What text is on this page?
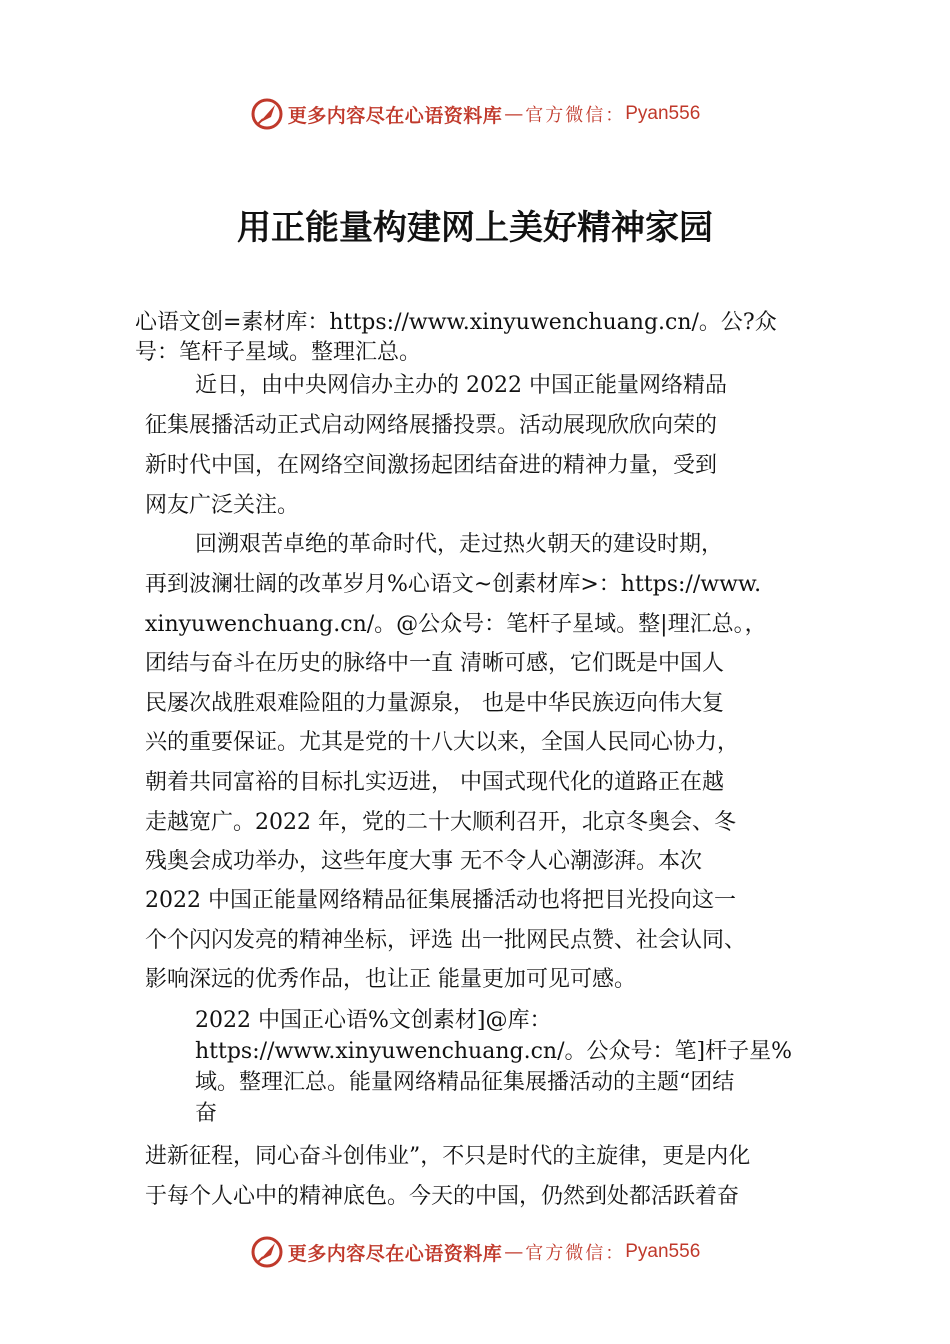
更多内容尽在心语资料库 — 官方微信： Pyan556
用正能量构建网上美好精神家园
心语文创=素材库：https://www.xinyuwenchuang.cn/。公?众
号：笔杆子星域。整理汇总。
近日，由中央网信办主办的 2022 中国正能量网络精品
征集展播活动正式启动网络展播投票。活动展现欣欣向荣的
新时代中国，在网络空间激扬起团结奋进的精神力量，受到
网友广泛关注。
回溯艰苦卓绝的革命时代，走过热火朝天的建设时期，
再到波澜壮阔的改革岁月%心语文~创素材库>：https://www.
xinyuwenchuang.cn/。@公众号：笔杆子星域。整|理汇总。，
团结与奋斗在历史的脉络中一直 清晰可感，它们既是中国人
民屡次战胜艰难险阻的力量源泉， 也是中华民族迈向伟大复
兴的重要保证。尤其是党的十八大以来，全国人民同心协力，
朝着共同富裕的目标扎实迈进， 中国式现代化的道路正在越
走越宽广。2022 年，党的二十大顺利召开，北京冬奥会、冬
残奥会成功举办，这些年度大事 无不令人心潮澎湃。本次
2022 中国正能量网络精品征集展播活动也将把目光投向这一
个个闪闪发亮的精神坐标，评选 出一批网民点赞、社会认同、
影响深远的优秀作品，也让正 能量更加可见可感。
2022 中国正心语%文创素材]@库：
https://www.xinyuwenchuang.cn/。公众号：笔]杆子星%
域。整理汇总。能量网络精品征集展播活动的主题“团结
奋
进新征程，同心奋斗创伟业”，不只是时代的主旋律，更是内化
于每个人心中的精神底色。今天的中国，仍然到处都活跃着奋
更多内容尽在心语资料库 — 官方微信： Pyan556
